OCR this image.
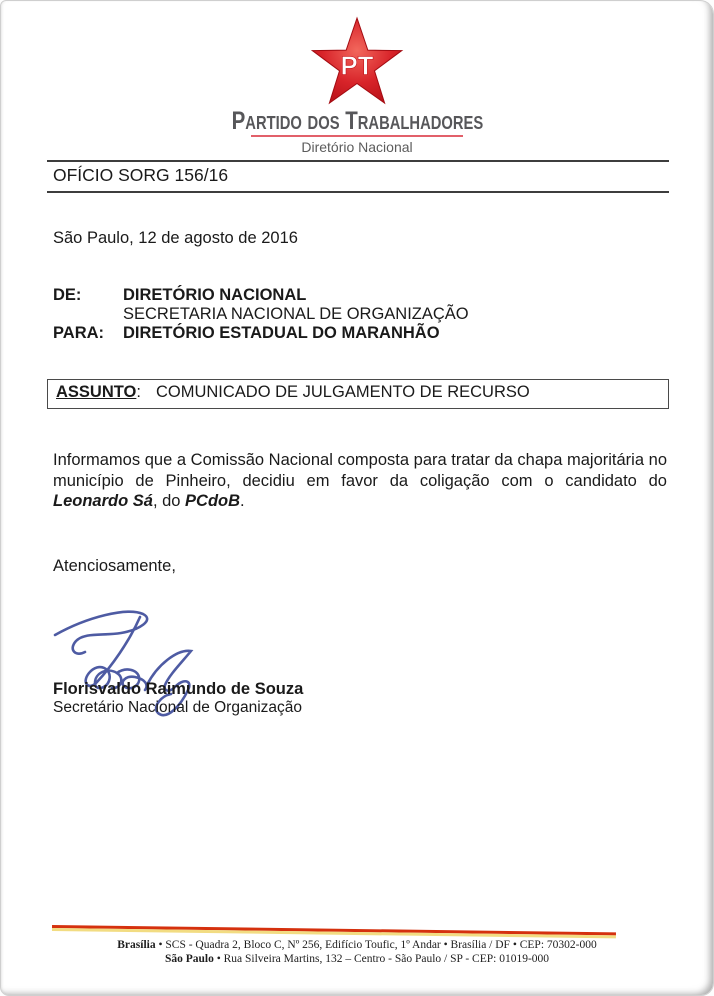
PT
Partido dos Trabalhadores
Diretório Nacional
OFÍCIO SORG 156/16
São Paulo, 12 de agosto de 2016
DE:	DIRETÓRIO NACIONAL
SECRETARIA NACIONAL DE ORGANIZAÇÃO
PARA:	DIRETÓRIO ESTADUAL DO MARANHÃO
ASSUNTO: COMUNICADO DE JULGAMENTO DE RECURSO
Informamos que a Comissão Nacional composta para tratar da chapa majoritária no município de Pinheiro, decidiu em favor da coligação com o candidato do Leonardo Sá, do PCdoB.
Atenciosamente,
Florisvaldo Raimundo de Souza
Secretário Nacional de Organização
Brasília • SCS - Quadra 2, Bloco C, Nº 256, Edifício Toufic, 1º Andar • Brasília / DF • CEP: 70302-000
São Paulo • Rua Silveira Martins, 132 – Centro - São Paulo / SP - CEP: 01019-000
